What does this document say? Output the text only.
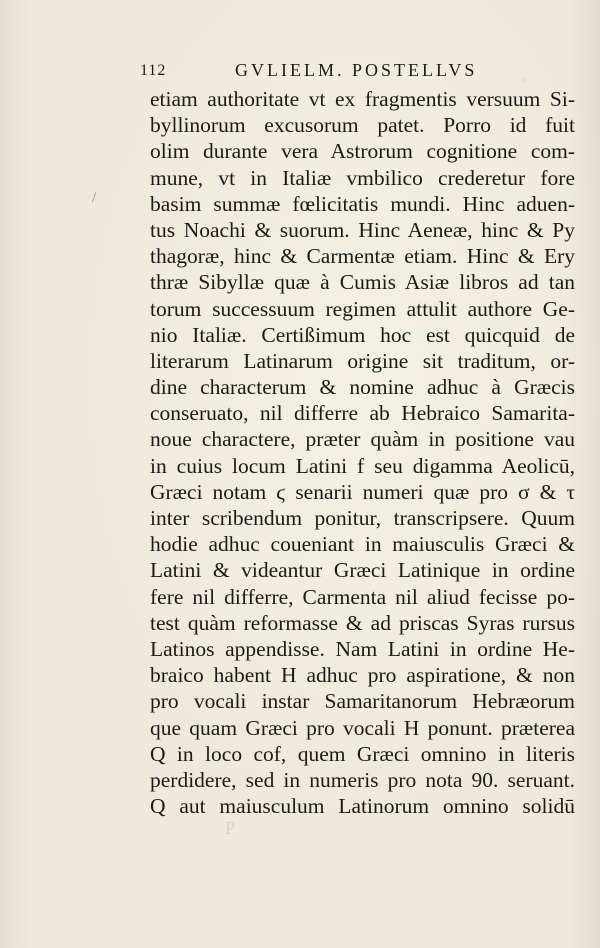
·
P
/
112	GVLIELM. POSTELLVS
etiam authoritate vt ex fragmentis versuum Si-
byllinorum excusorum patet. Porro id fuit
olim durante vera Astrorum cognitione com-
mune, vt in Italiæ vmbilico crederetur fore
basim summæ fœlicitatis mundi. Hinc aduen-
tus Noachi & suorum. Hinc Aeneæ, hinc & Py
thagoræ, hinc & Carmentæ etiam. Hinc & Ery
thræ Sibyllæ quæ à Cumis Asiæ libros ad tan
torum successuum regimen attulit authore Ge-
nio Italiæ. Certißimum hoc est quicquid de
literarum Latinarum origine sit traditum, or-
dine characterum & nomine adhuc à Græcis
conseruato, nil differre ab Hebraico Samarita-
noue charactere, præter quàm in positione vau
in cuius locum Latini f seu digamma Aeolicū,
Græci notam ϛ senarii numeri quæ pro σ & τ
inter scribendum ponitur, transcripsere. Quum
hodie adhuc coueniant in maiusculis Græci &
Latini & videantur Græci Latinique in ordine
fere nil differre, Carmenta nil aliud fecisse po-
test quàm reformasse & ad priscas Syras rursus
Latinos appendisse. Nam Latini in ordine He-
braico habent H adhuc pro aspiratione, & non
pro vocali instar Samaritanorum Hebræorum
que quam Græci pro vocali H ponunt. præterea
Q in loco cof, quem Græci omnino in literis
perdidere, sed in numeris pro nota 90. seruant.
Q aut maiusculum Latinorum omnino solidū
